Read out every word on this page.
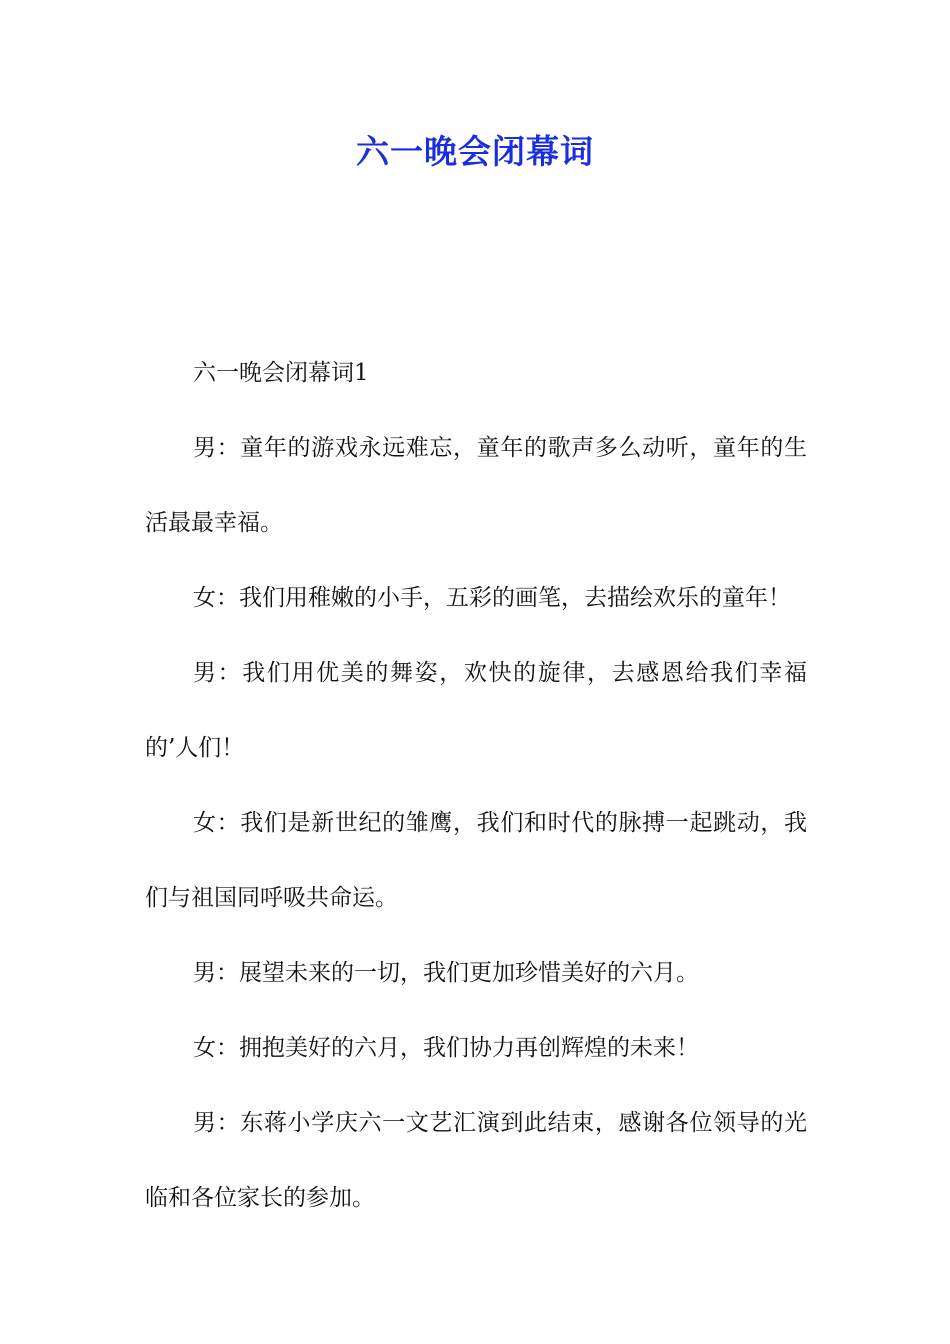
六一晚会闭幕词

六一晚会闭幕词1

男：童年的游戏永远难忘，童年的歌声多么动听，童年的生活最最幸福。

女：我们用稚嫩的小手，五彩的画笔，去描绘欢乐的童年！

男：我们用优美的舞姿，欢快的旋律，去感恩给我们幸福的’人们！

女：我们是新世纪的雏鹰，我们和时代的脉搏一起跳动，我们与祖国同呼吸共命运。

男：展望未来的一切，我们更加珍惜美好的六月。

女：拥抱美好的六月，我们协力再创辉煌的未来！

男：东蒋小学庆六一文艺汇演到此结束，感谢各位领导的光临和各位家长的参加。
